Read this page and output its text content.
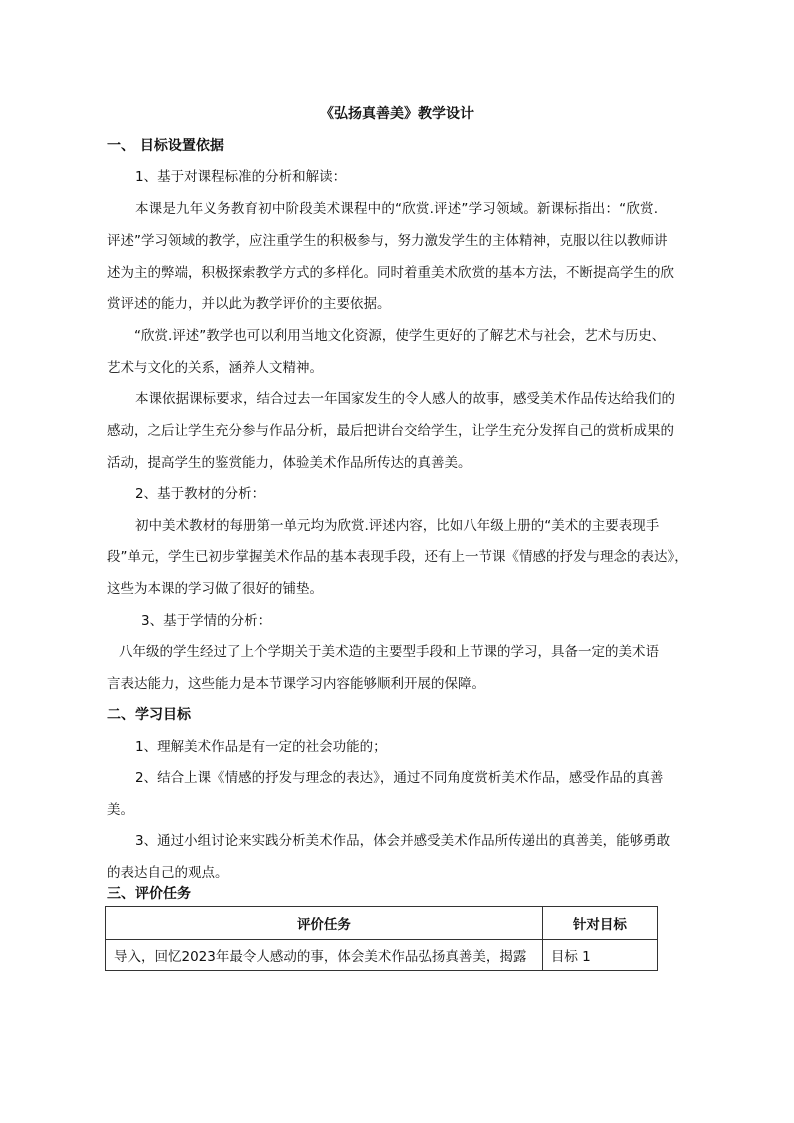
《弘扬真善美》教学设计
一、 目标设置依据
1、基于对课程标准的分析和解读：
本课是九年义务教育初中阶段美术课程中的“欣赏.评述”学习领域。新课标指出：“欣赏.
评述”学习领域的教学，应注重学生的积极参与，努力激发学生的主体精神，克服以往以教师讲
述为主的弊端，积极探索教学方式的多样化。同时着重美术欣赏的基本方法，不断提高学生的欣
赏评述的能力，并以此为教学评价的主要依据。
“欣赏.评述”教学也可以利用当地文化资源，使学生更好的了解艺术与社会，艺术与历史、
艺术与文化的关系，涵养人文精神。
本课依据课标要求，结合过去一年国家发生的令人感人的故事，感受美术作品传达给我们的
感动，之后让学生充分参与作品分析，最后把讲台交给学生，让学生充分发挥自己的赏析成果的
活动，提高学生的鉴赏能力，体验美术作品所传达的真善美。
2、基于教材的分析：
初中美术教材的每册第一单元均为欣赏.评述内容，比如八年级上册的“美术的主要表现手
段”单元，学生已初步掌握美术作品的基本表现手段，还有上一节课《情感的抒发与理念的表达》，
这些为本课的学习做了很好的铺垫。
3、基于学情的分析：
八年级的学生经过了上个学期关于美术造的主要型手段和上节课的学习，具备一定的美术语
言表达能力，这些能力是本节课学习内容能够顺利开展的保障。
二、学习目标
1、理解美术作品是有一定的社会功能的；
2、结合上课《情感的抒发与理念的表达》，通过不同角度赏析美术作品，感受作品的真善
美。
3、通过小组讨论来实践分析美术作品，体会并感受美术作品所传递出的真善美，能够勇敢
的表达自己的观点。
三、评价任务
评价任务	针对目标
导入，回忆2023年最令人感动的事，体会美术作品弘扬真善美，揭露	目标 1
